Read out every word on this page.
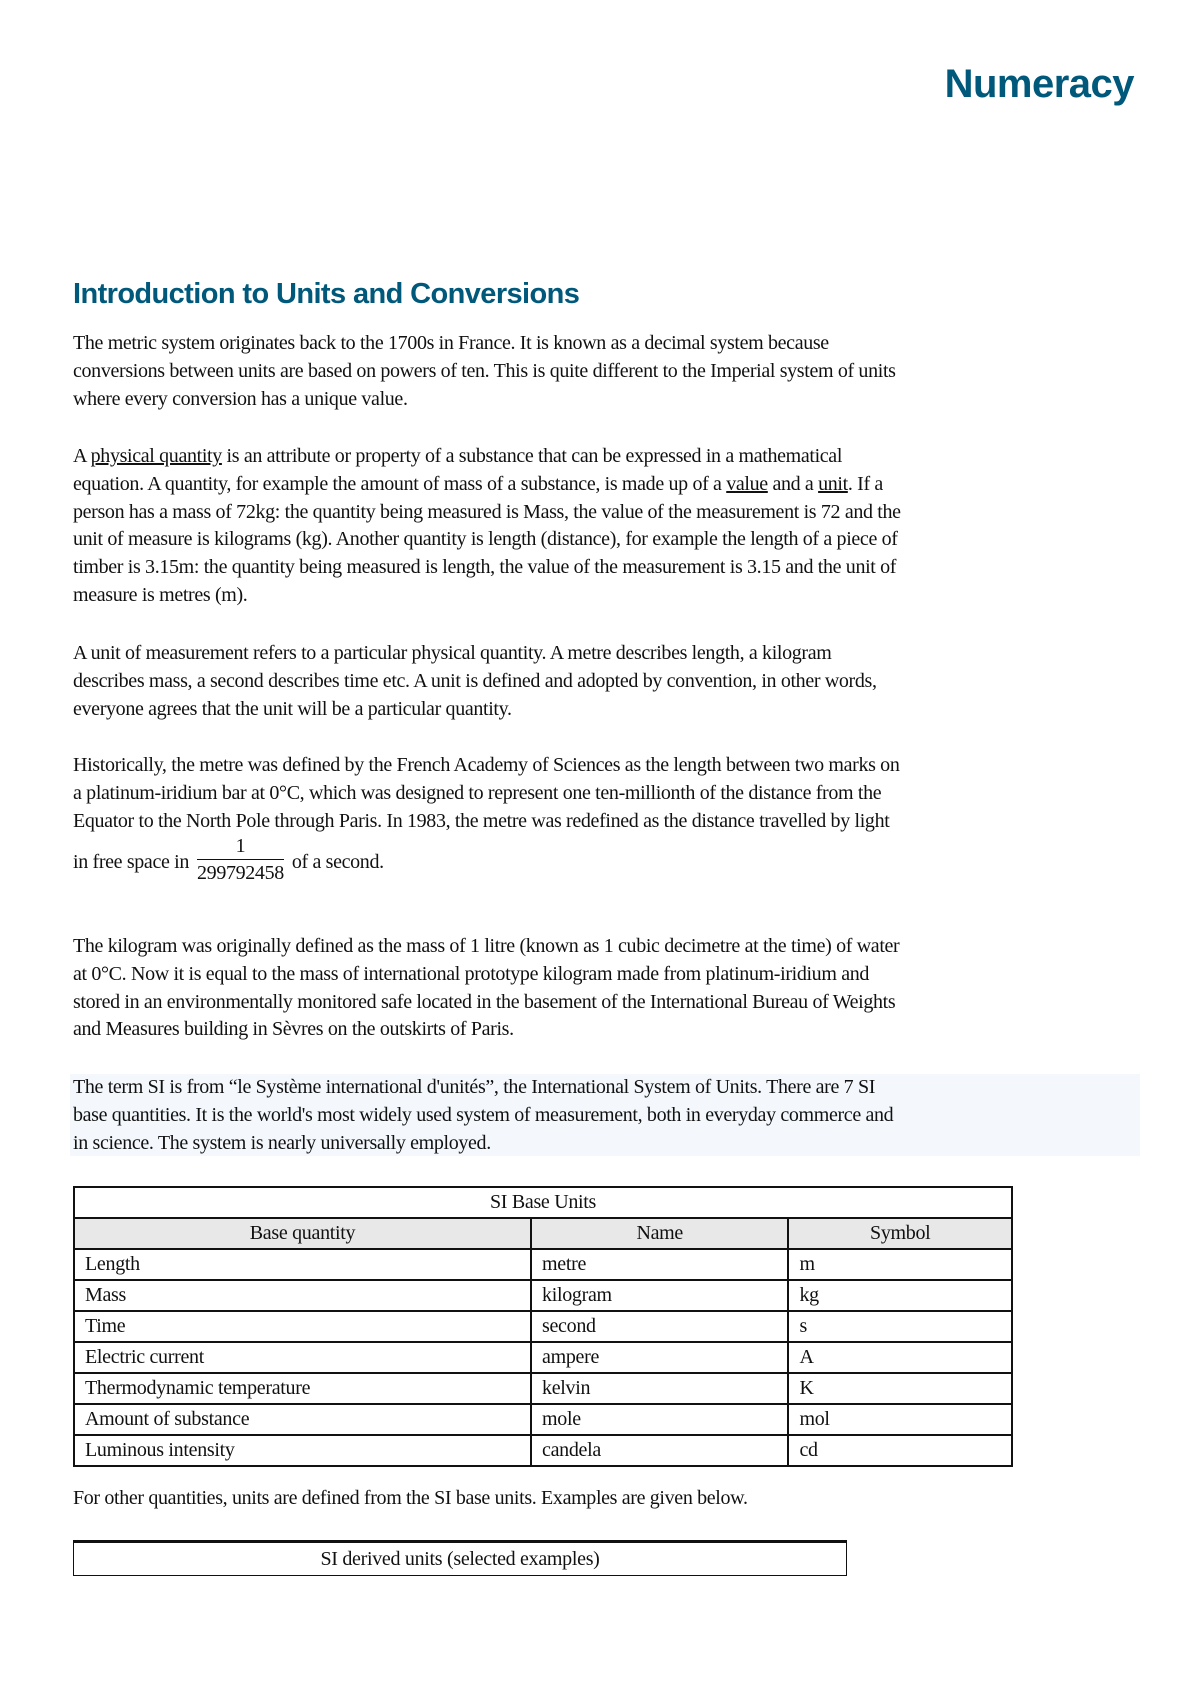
Numeracy
Introduction to Units and Conversions
The metric system originates back to the 1700s in France. It is known as a decimal system because
conversions between units are based on powers of ten. This is quite different to the Imperial system of units
where every conversion has a unique value.
A physical quantity is an attribute or property of a substance that can be expressed in a mathematical
equation. A quantity, for example the amount of mass of a substance, is made up of a value and a unit. If a
person has a mass of 72kg: the quantity being measured is Mass, the value of the measurement is 72 and the
unit of measure is kilograms (kg). Another quantity is length (distance), for example the length of a piece of
timber is 3.15m: the quantity being measured is length, the value of the measurement is 3.15 and the unit of
measure is metres (m).
A unit of measurement refers to a particular physical quantity. A metre describes length, a kilogram
describes mass, a second describes time etc. A unit is defined and adopted by convention, in other words,
everyone agrees that the unit will be a particular quantity.
Historically, the metre was defined by the French Academy of Sciences as the length between two marks on
a platinum-iridium bar at 0°C, which was designed to represent one ten-millionth of the distance from the
Equator to the North Pole through Paris. In 1983, the metre was redefined as the distance travelled by light
in free space in $\frac{1}{299792458}$ of a second.
The kilogram was originally defined as the mass of 1 litre (known as 1 cubic decimetre at the time) of water
at 0°C. Now it is equal to the mass of international prototype kilogram made from platinum-iridium and
stored in an environmentally monitored safe located in the basement of the International Bureau of Weights
and Measures building in Sèvres on the outskirts of Paris.
The term SI is from “le Système international d'unités”, the International System of Units. There are 7 SI
base quantities. It is the world's most widely used system of measurement, both in everyday commerce and
in science. The system is nearly universally employed.
SI Base Units		
Base quantity	Name	Symbol
Length	metre	m
Mass	kilogram	kg
Time	second	s
Electric current	ampere	A
Thermodynamic temperature	kelvin	K
Amount of substance	mole	mol
Luminous intensity	candela	cd
For other quantities, units are defined from the SI base units. Examples are given below.
SI derived units (selected examples)
